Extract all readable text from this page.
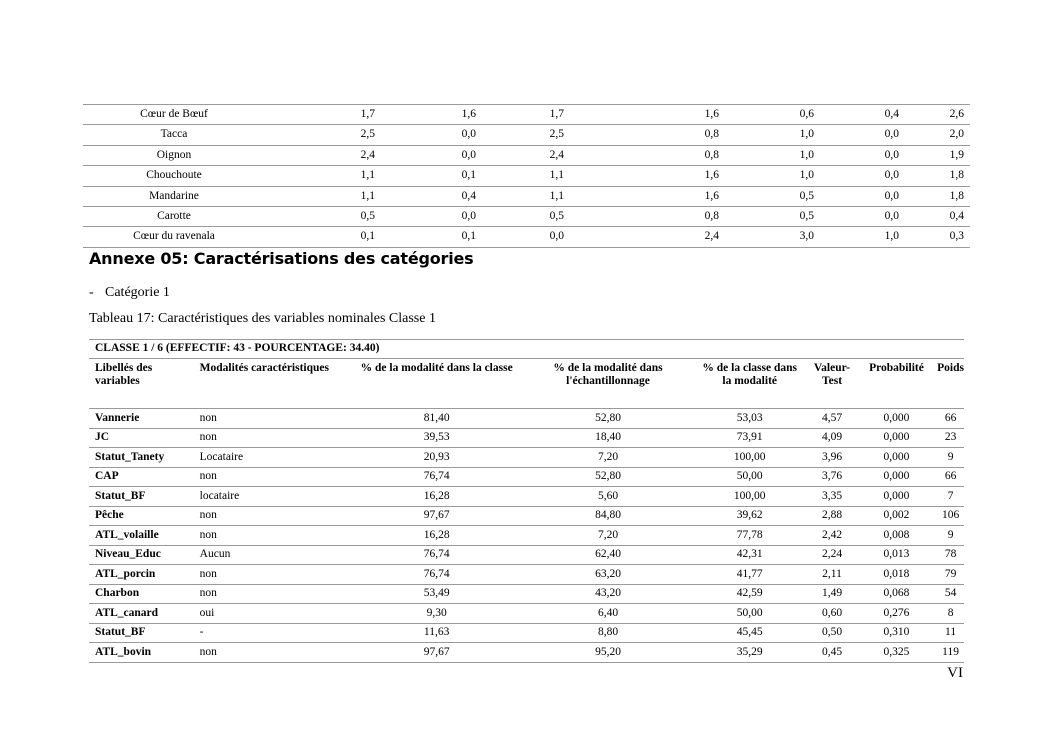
Cœur de Bœuf	1,7	1,6	1,7	1,6	0,6	0,4	2,6
Tacca	2,5	0,0	2,5	0,8	1,0	0,0	2,0
Oignon	2,4	0,0	2,4	0,8	1,0	0,0	1,9
Chouchoute	1,1	0,1	1,1	1,6	1,0	0,0	1,8
Mandarine	1,1	0,4	1,1	1,6	0,5	0,0	1,8
Carotte	0,5	0,0	0,5	0,8	0,5	0,0	0,4
Cœur du ravenala	0,1	0,1	0,0	2,4	3,0	1,0	0,3
Annexe 05: Caractérisations des catégories
- Catégorie 1
Tableau 17: Caractéristiques des variables nominales Classe 1
CLASSE 1 / 6 (EFFECTIF: 43 - POURCENTAGE: 34.40)							
Libellés des variables	Modalités caractéristiques	% de la modalité dans la classe	% de la modalité dans l'échantillonnage	% de la classe dans la modalité	Valeur-Test	Probabilité	Poids
Vannerie	non	81,40	52,80	53,03	4,57	0,000	66
JC	non	39,53	18,40	73,91	4,09	0,000	23
Statut_Tanety	Locataire	20,93	7,20	100,00	3,96	0,000	9
CAP	non	76,74	52,80	50,00	3,76	0,000	66
Statut_BF	locataire	16,28	5,60	100,00	3,35	0,000	7
Pêche	non	97,67	84,80	39,62	2,88	0,002	106
ATL_volaille	non	16,28	7,20	77,78	2,42	0,008	9
Niveau_Educ	Aucun	76,74	62,40	42,31	2,24	0,013	78
ATL_porcin	non	76,74	63,20	41,77	2,11	0,018	79
Charbon	non	53,49	43,20	42,59	1,49	0,068	54
ATL_canard	oui	9,30	6,40	50,00	0,60	0,276	8
Statut_BF	-	11,63	8,80	45,45	0,50	0,310	11
ATL_bovin	non	97,67	95,20	35,29	0,45	0,325	119
VI
